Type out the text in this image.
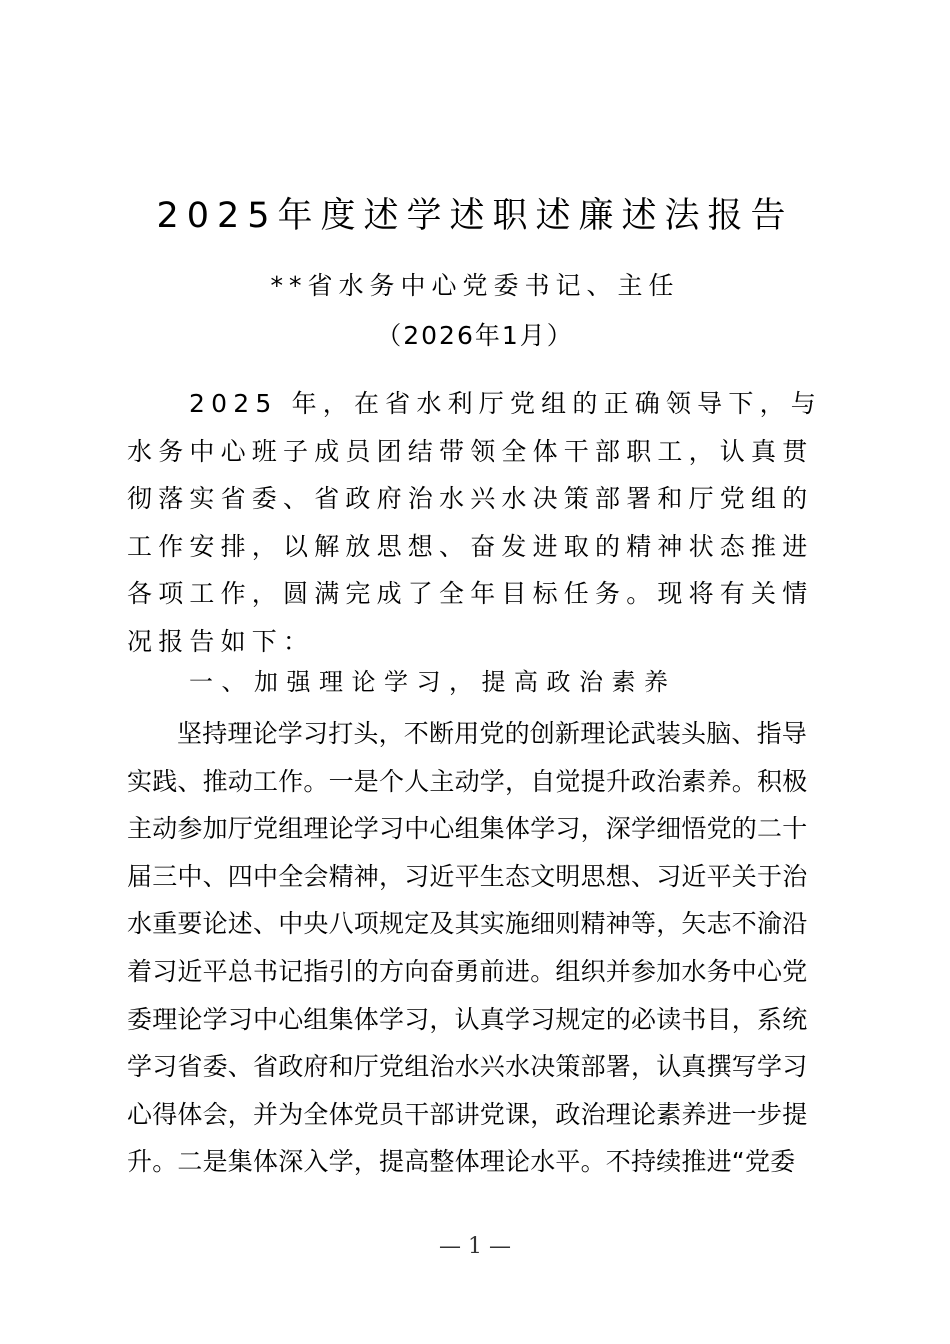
2025年度述学述职述廉述法报告
**省水务中心党委书记、主任
（2026年1月）
2025 年，在省水利厅党组的正确领导下，与
水务中心班子成员团结带领全体干部职工，认真贯
彻落实省委、省政府治水兴水决策部署和厅党组的
工作安排，以解放思想、奋发进取的精神状态推进
各项工作，圆满完成了全年目标任务。现将有关情
况报告如下：
一、加强理论学习，提高政治素养
坚持理论学习打头，不断用党的创新理论武装头脑、指导
实践、推动工作。一是个人主动学，自觉提升政治素养。积极
主动参加厅党组理论学习中心组集体学习，深学细悟党的二十
届三中、四中全会精神，习近平生态文明思想、习近平关于治
水重要论述、中央八项规定及其实施细则精神等，矢志不渝沿
着习近平总书记指引的方向奋勇前进。组织并参加水务中心党
委理论学习中心组集体学习，认真学习规定的必读书目，系统
学习省委、省政府和厅党组治水兴水决策部署，认真撰写学习
心得体会，并为全体党员干部讲党课，政治理论素养进一步提
升。二是集体深入学，提高整体理论水平。不持续推进“党委
— 1 —
